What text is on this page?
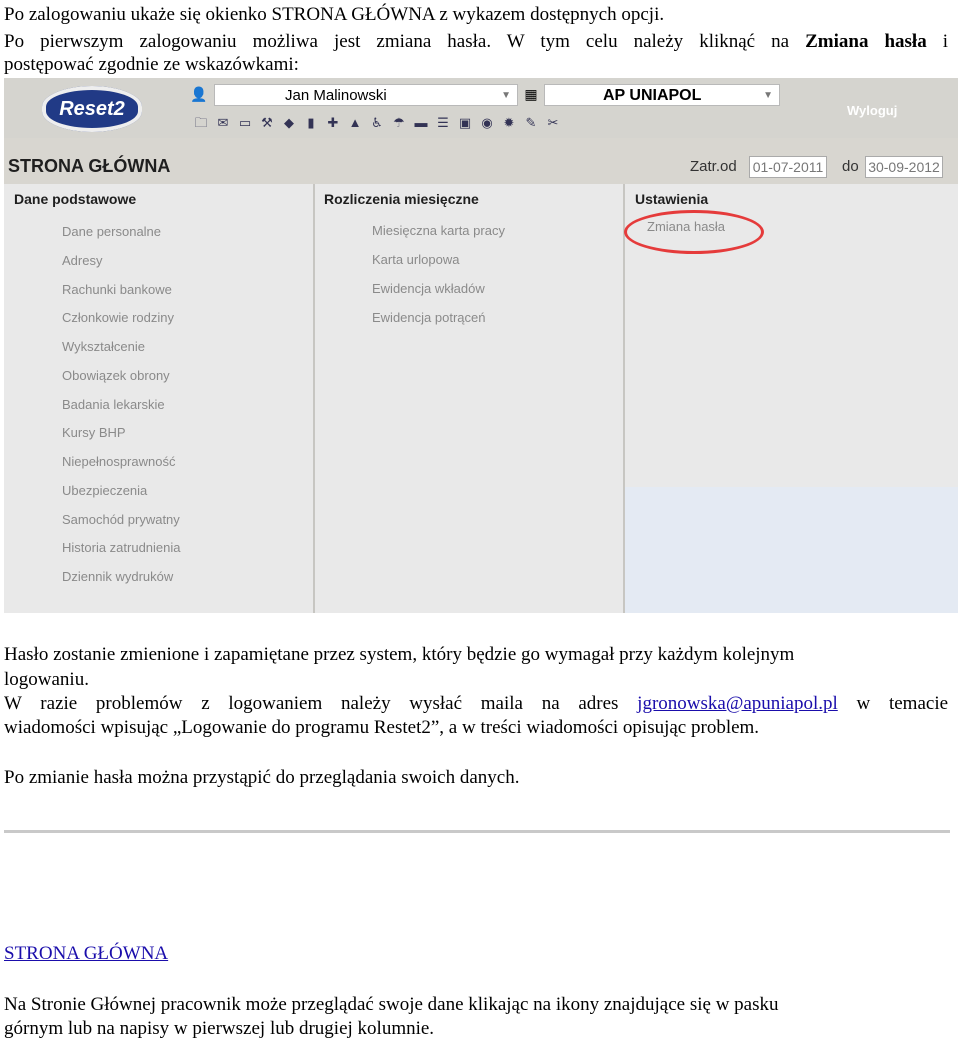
Po zalogowaniu ukaże się okienko STRONA GŁÓWNA z wykazem dostępnych opcji.

Po pierwszym zalogowaniu możliwa jest zmiana hasła. W tym celu należy kliknąć na Zmiana hasła i

postępować zgodnie ze wskazówkami:

Reset2
👤	Jan Malinowski	▼ ▦	AP UNIAPOL	▼
Wyloguj
🗀 ✉ ▭ ⚒ ◆	▮ ✚ ▲ ♿ ☂ ▬ ☰ ▣ ◉ ✹ ✎ ✂
STRONA GŁÓWNA	Zatr.od 01-07-2011 do 30-09-2012
Dane podstawowe	Rozliczenia miesięczne	Ustawienia
Dane personalne
Adresy
Rachunki bankowe
Członkowie rodziny
Wykształcenie
Obowiązek obrony
Badania lekarskie
Kursy BHP
Niepełnosprawność
Ubezpieczenia
Samochód prywatny
Historia zatrudnienia
Dziennik wydruków
Miesięczna karta pracy
Karta urlopowa
Ewidencja wkładów
Ewidencja potrąceń
Zmiana hasła

Hasło zostanie zmienione i zapamiętane przez system, który będzie go wymagał przy każdym kolejnym

logowaniu.

W razie problemów z logowaniem należy wysłać maila na adres jgronowska@apuniapol.pl w temacie

wiadomości wpisując „Logowanie do programu Restet2”, a w treści wiadomości opisując problem.

Po zmianie hasła można przystąpić do przeglądania swoich danych.

STRONA GŁÓWNA

Na Stronie Głównej pracownik może przeglądać swoje dane klikając na ikony znajdujące się w pasku

górnym lub na napisy w pierwszej lub drugiej kolumnie.
